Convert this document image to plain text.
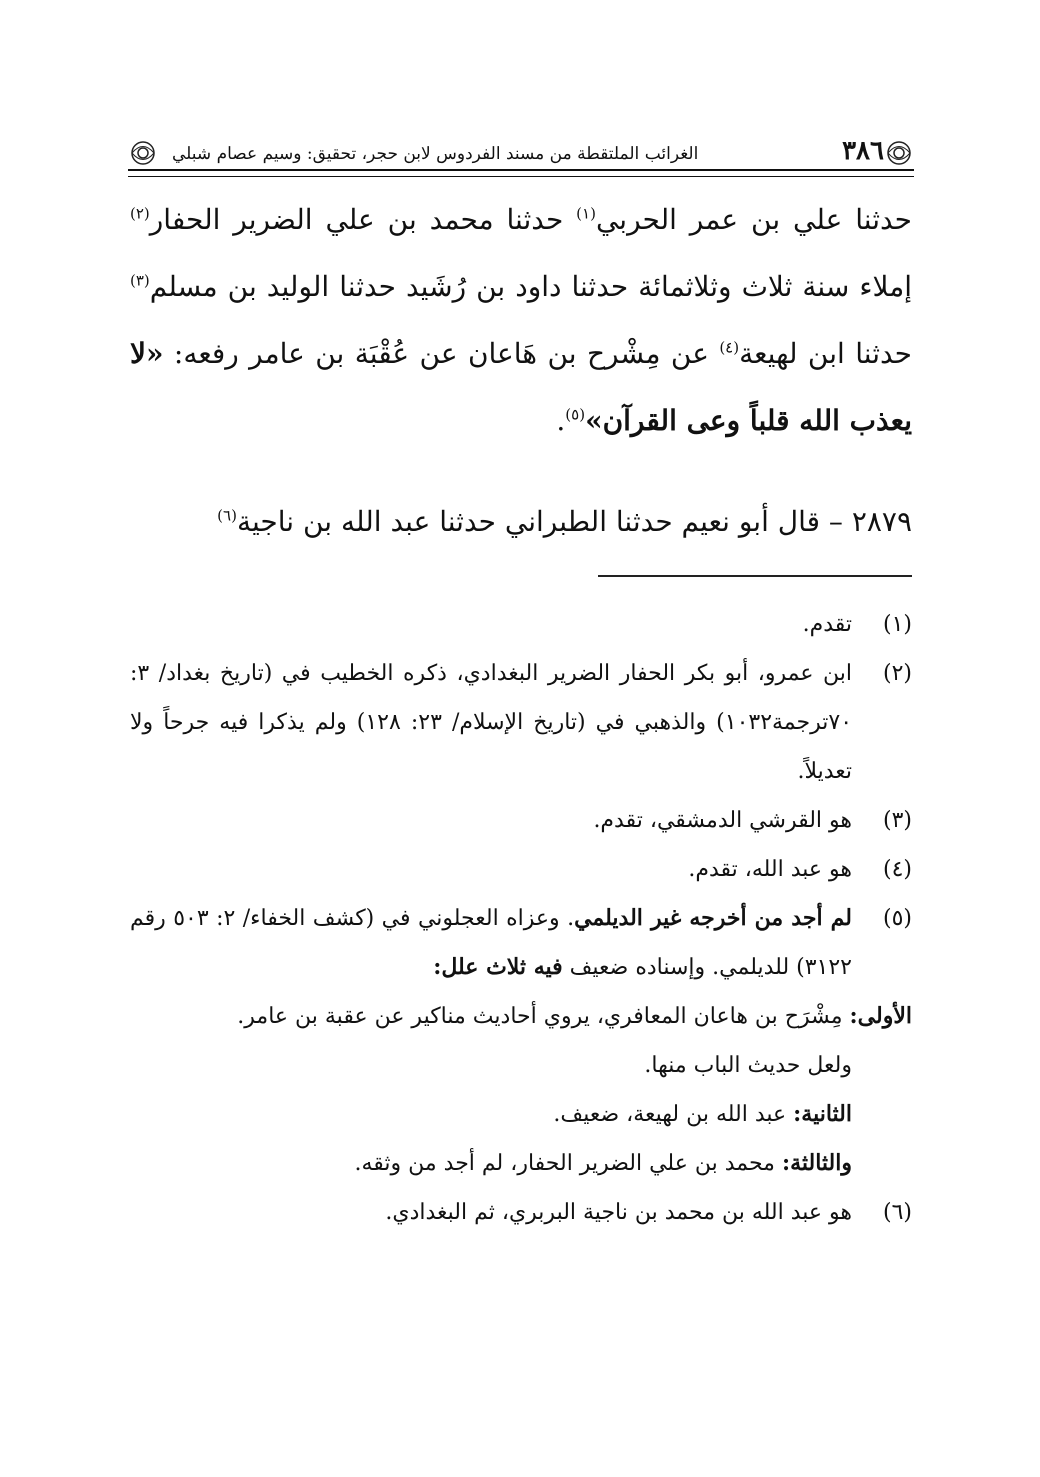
٣٨٦
الغرائب الملتقطة من مسند الفردوس لابن حجر، تحقيق: وسيم عصام شبلي

حدثنا علي بن عمر الحربي$^{(١)}$ حدثنا محمد بن علي الضرير الحفار$^{(٢)}$ إملاء سنة ثلاث وثلاثمائة حدثنا داود بن رُشَيد حدثنا الوليد بن مسلم$^{(٣)}$ حدثنا ابن لهيعة$^{(٤)}$ عن مِشْرح بن هَاعان عن عُقْبَة بن عامر رفعه: «لا يعذب الله قلباً وعى القرآن»$^{(٥)}$.

٢٨٧٩ – قال أبو نعيم حدثنا الطبراني حدثنا عبد الله بن ناجية$^{(٦)}$
(١)
تقدم.
(٢)
ابن عمرو، أبو بكر الحفار الضرير البغدادي، ذكره الخطيب في (تاريخ بغداد/ ٣: ٧٠ترجمة١٠٣٢) والذهبي في (تاريخ الإسلام/ ٢٣: ١٢٨) ولم يذكرا فيه جرحاً ولا تعديلاً.
(٣)
هو القرشي الدمشقي، تقدم.
(٤)
هو عبد الله، تقدم.
(٥)
لم أجد من أخرجه غير الديلمي. وعزاه العجلوني في (كشف الخفاء/ ٢: ٥٠٣ رقم ٣١٢٢) للديلمي. وإسناده ضعيف فيه ثلاث علل:
الأولى: مِشْرَح بن هاعان المعافري، يروي أحاديث مناكير عن عقبة بن عامر.
ولعل حديث الباب منها.
الثانية: عبد الله بن لهيعة، ضعيف.
والثالثة: محمد بن علي الضرير الحفار، لم أجد من وثقه.
(٦)
هو عبد الله بن محمد بن ناجية البربري، ثم البغدادي.
